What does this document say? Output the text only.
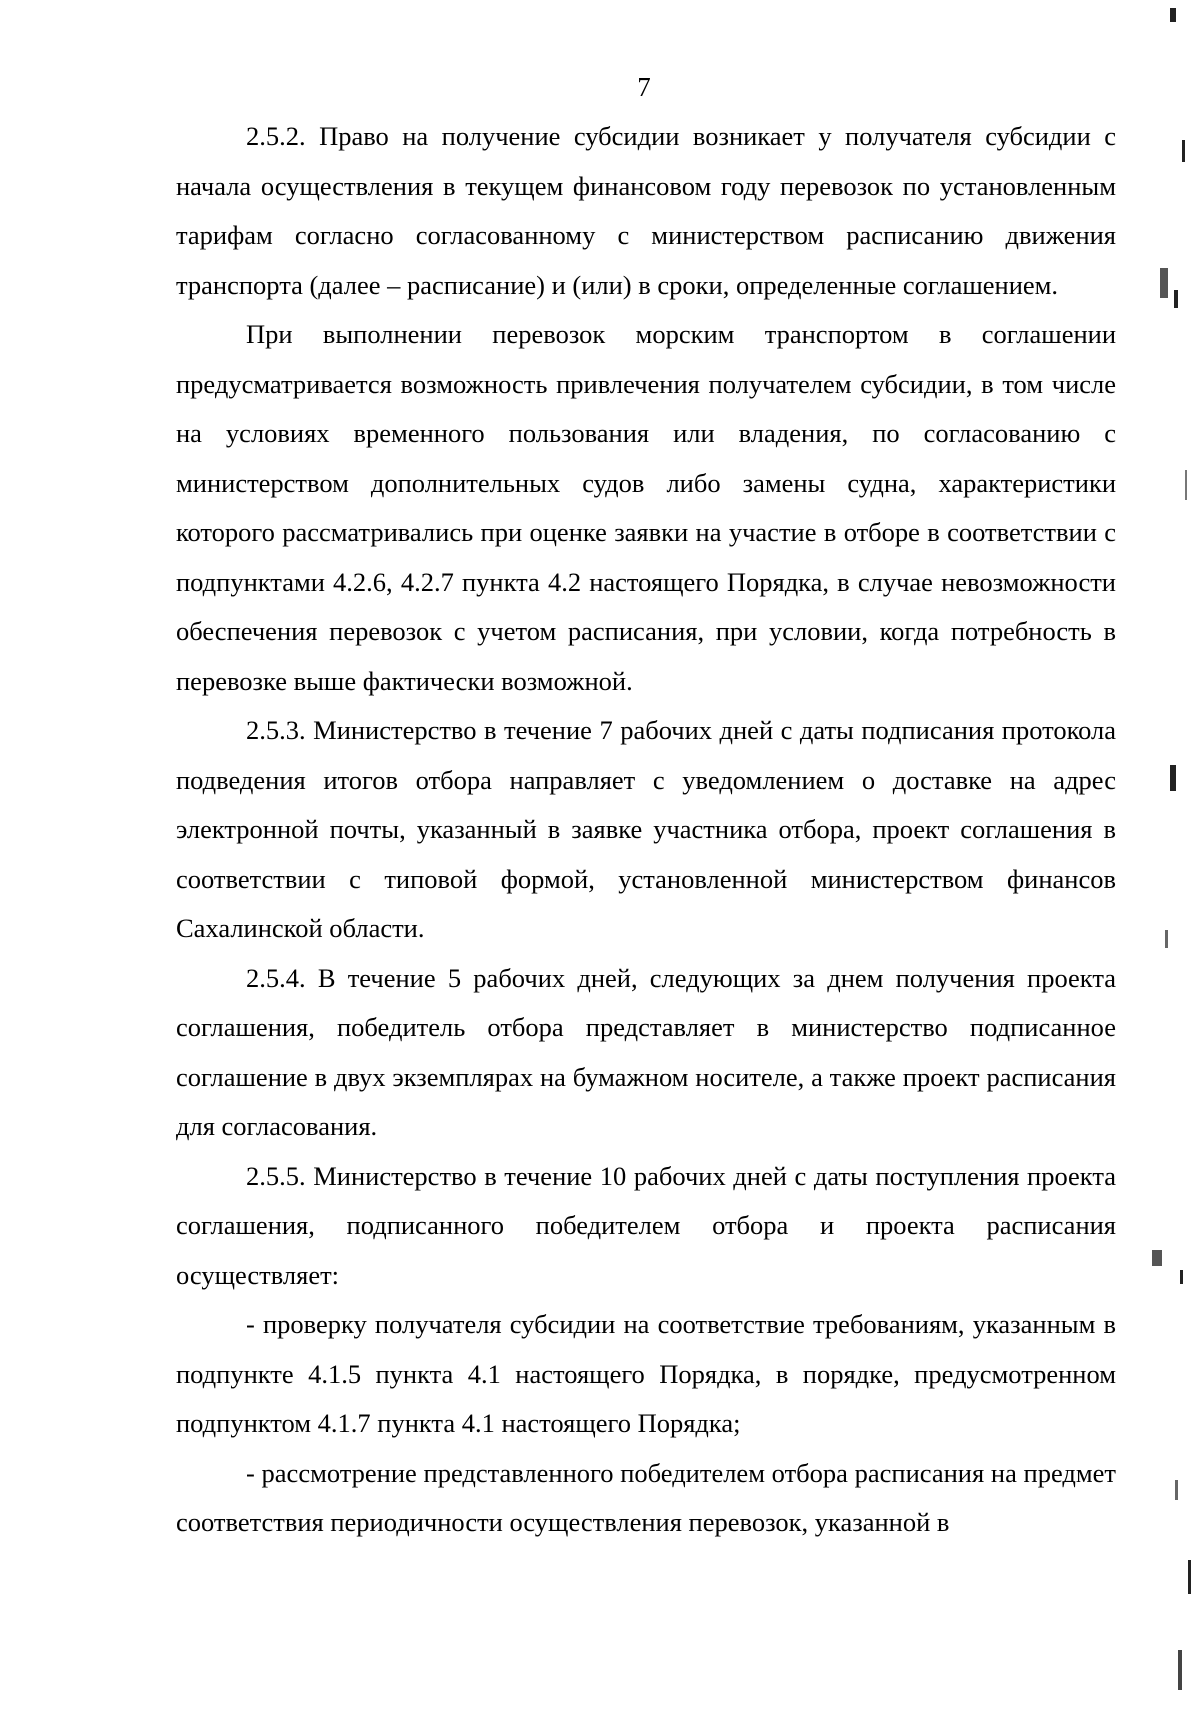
7

2.5.2. Право на получение субсидии возникает у получателя субсидии с начала осуществления в текущем финансовом году перевозок по установленным тарифам согласно согласованному с министерством расписанию движения транспорта (далее – расписание) и (или) в сроки, определенные соглашением.

При выполнении перевозок морским транспортом в соглашении предусматривается возможность привлечения получателем субсидии, в том числе на условиях временного пользования или владения, по согласованию с министерством дополнительных судов либо замены судна, характеристики которого рассматривались при оценке заявки на участие в отборе в соответствии с подпунктами 4.2.6, 4.2.7 пункта 4.2 настоящего Порядка, в случае невозможности обеспечения перевозок с учетом расписания, при условии, когда потребность в перевозке выше фактически возможной.

2.5.3. Министерство в течение 7 рабочих дней с даты подписания протокола подведения итогов отбора направляет с уведомлением о доставке на адрес электронной почты, указанный в заявке участника отбора, проект соглашения в соответствии с типовой формой, установленной министерством финансов Сахалинской области.

2.5.4. В течение 5 рабочих дней, следующих за днем получения проекта соглашения, победитель отбора представляет в министерство подписанное соглашение в двух экземплярах на бумажном носителе, а также проект расписания для согласования.

2.5.5. Министерство в течение 10 рабочих дней с даты поступления проекта соглашения, подписанного победителем отбора и проекта расписания осуществляет:

- проверку получателя субсидии на соответствие требованиям, указанным в подпункте 4.1.5 пункта 4.1 настоящего Порядка, в порядке, предусмотренном подпунктом 4.1.7 пункта 4.1 настоящего Порядка;

- рассмотрение представленного победителем отбора расписания на предмет соответствия периодичности осуществления перевозок, указанной в
